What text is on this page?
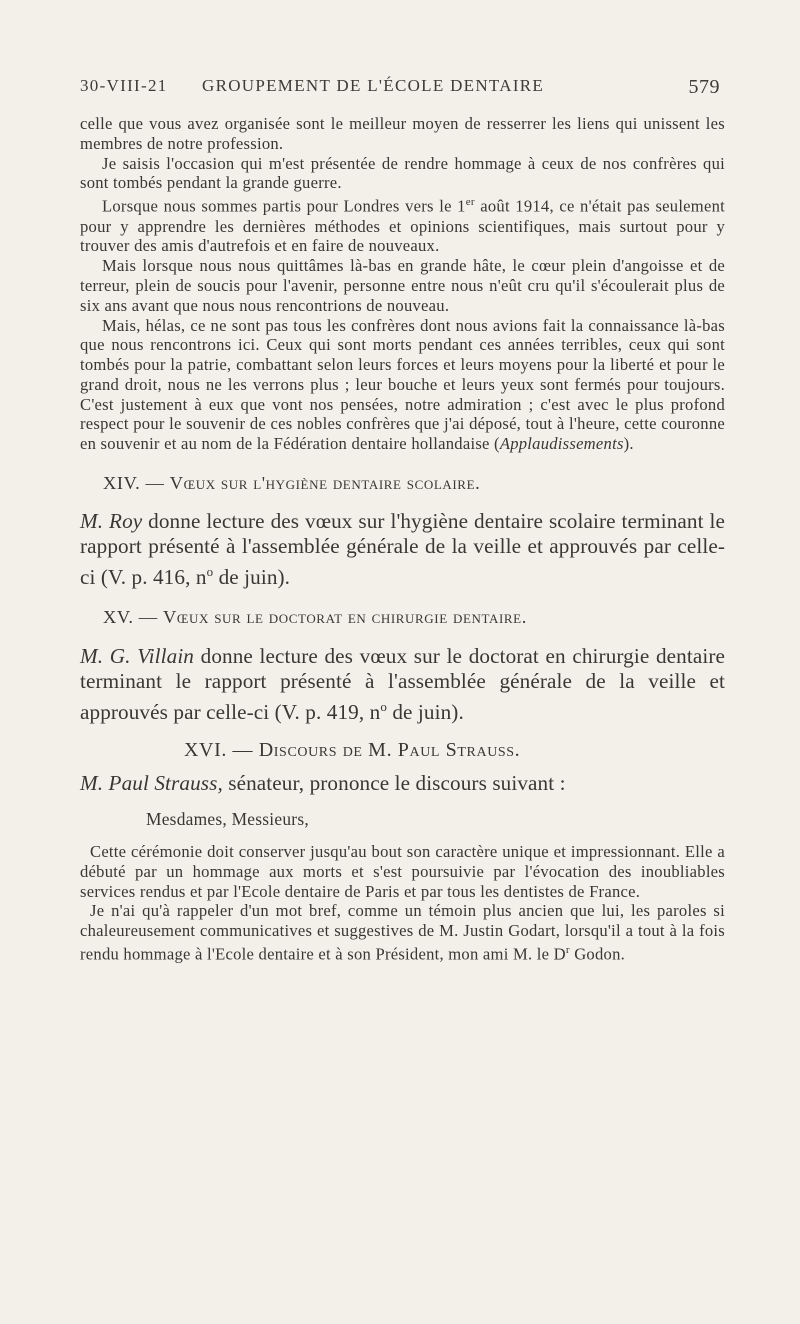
30-VIII-21 GROUPEMENT DE L'ÉCOLE DENTAIRE	579

celle que vous avez organisée sont le meilleur moyen de resserrer les liens qui unissent les membres de notre profession.

Je saisis l'occasion qui m'est présentée de rendre hommage à ceux de nos confrères qui sont tombés pendant la grande guerre.

Lorsque nous sommes partis pour Londres vers le 1er août 1914, ce n'était pas seulement pour y apprendre les dernières méthodes et opinions scientifiques, mais surtout pour y trouver des amis d'autrefois et en faire de nouveaux.

Mais lorsque nous nous quittâmes là-bas en grande hâte, le cœur plein d'angoisse et de terreur, plein de soucis pour l'avenir, personne entre nous n'eût cru qu'il s'écoulerait plus de six ans avant que nous nous rencontrions de nouveau.

Mais, hélas, ce ne sont pas tous les confrères dont nous avions fait la connaissance là-bas que nous rencontrons ici. Ceux qui sont morts pendant ces années terribles, ceux qui sont tombés pour la patrie, combattant selon leurs forces et leurs moyens pour la liberté et pour le grand droit, nous ne les verrons plus ; leur bouche et leurs yeux sont fermés pour toujours. C'est justement à eux que vont nos pensées, notre admiration ; c'est avec le plus profond respect pour le souvenir de ces nobles confrères que j'ai déposé, tout à l'heure, cette couronne en souvenir et au nom de la Fédération dentaire hollandaise (Applaudissements).

XIV. — Vœux sur l'hygiène dentaire scolaire.

M. Roy donne lecture des vœux sur l'hygiène dentaire scolaire terminant le rapport présenté à l'assemblée générale de la veille et approuvés par celle-ci (V. p. 416, $n^o$ de juin).

XV. — Vœux sur le doctorat en chirurgie dentaire.

M. G. Villain donne lecture des vœux sur le doctorat en chirurgie dentaire terminant le rapport présenté à l'assemblée générale de la veille et approuvés par celle-ci (V. p. 419, $n^o$ de juin).

XVI. — Discours de M. Paul Strauss.

M. Paul Strauss, sénateur, prononce le discours suivant :

Mesdames, Messieurs,

Cette cérémonie doit conserver jusqu'au bout son caractère unique et impressionnant. Elle a débuté par un hommage aux morts et s'est poursuivie par l'évocation des inoubliables services rendus et par l'Ecole dentaire de Paris et par tous les dentistes de France.

Je n'ai qu'à rappeler d'un mot bref, comme un témoin plus ancien que lui, les paroles si chaleureusement communicatives et suggestives de M. Justin Godart, lorsqu'il a tout à la fois rendu hommage à l'Ecole dentaire et à son Président, mon ami M. le $D^r$ Godon.
